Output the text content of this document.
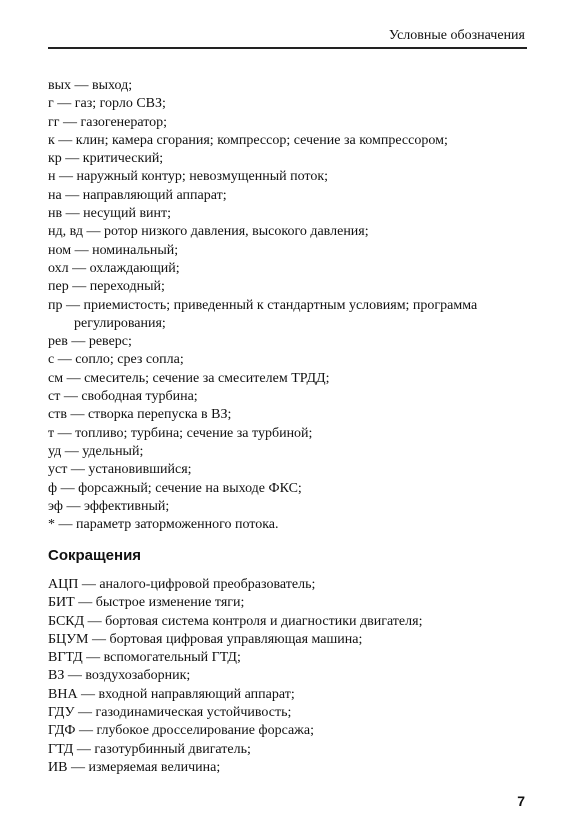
Условные обозначения
вых — выход;
г — газ; горло СВЗ;
гг — газогенератор;
к — клин; камера сгорания; компрессор; сечение за компрессором;
кр — критический;
н — наружный контур; невозмущенный поток;
на — направляющий аппарат;
нв — несущий винт;
нд, вд — ротор низкого давления, высокого давления;
ном — номинальный;
охл — охлаждающий;
пер — переходный;
пр — приемистость; приведенный к стандартным условиям; программа регулирования;
рев — реверс;
с — сопло; срез сопла;
см — смеситель; сечение за смесителем ТРДД;
ст — свободная турбина;
ств — створка перепуска в ВЗ;
т — топливо; турбина; сечение за турбиной;
уд — удельный;
уст — установившийся;
ф — форсажный; сечение на выходе ФКС;
эф — эффективный;
* — параметр заторможенного потока.
Сокращения
АЦП — аналого-цифровой преобразователь;
БИТ — быстрое изменение тяги;
БСКД — бортовая система контроля и диагностики двигателя;
БЦУМ — бортовая цифровая управляющая машина;
ВГТД — вспомогательный ГТД;
ВЗ — воздухозаборник;
ВНА — входной направляющий аппарат;
ГДУ — газодинамическая устойчивость;
ГДФ — глубокое дросселирование форсажа;
ГТД — газотурбинный двигатель;
ИВ — измеряемая величина;
7
